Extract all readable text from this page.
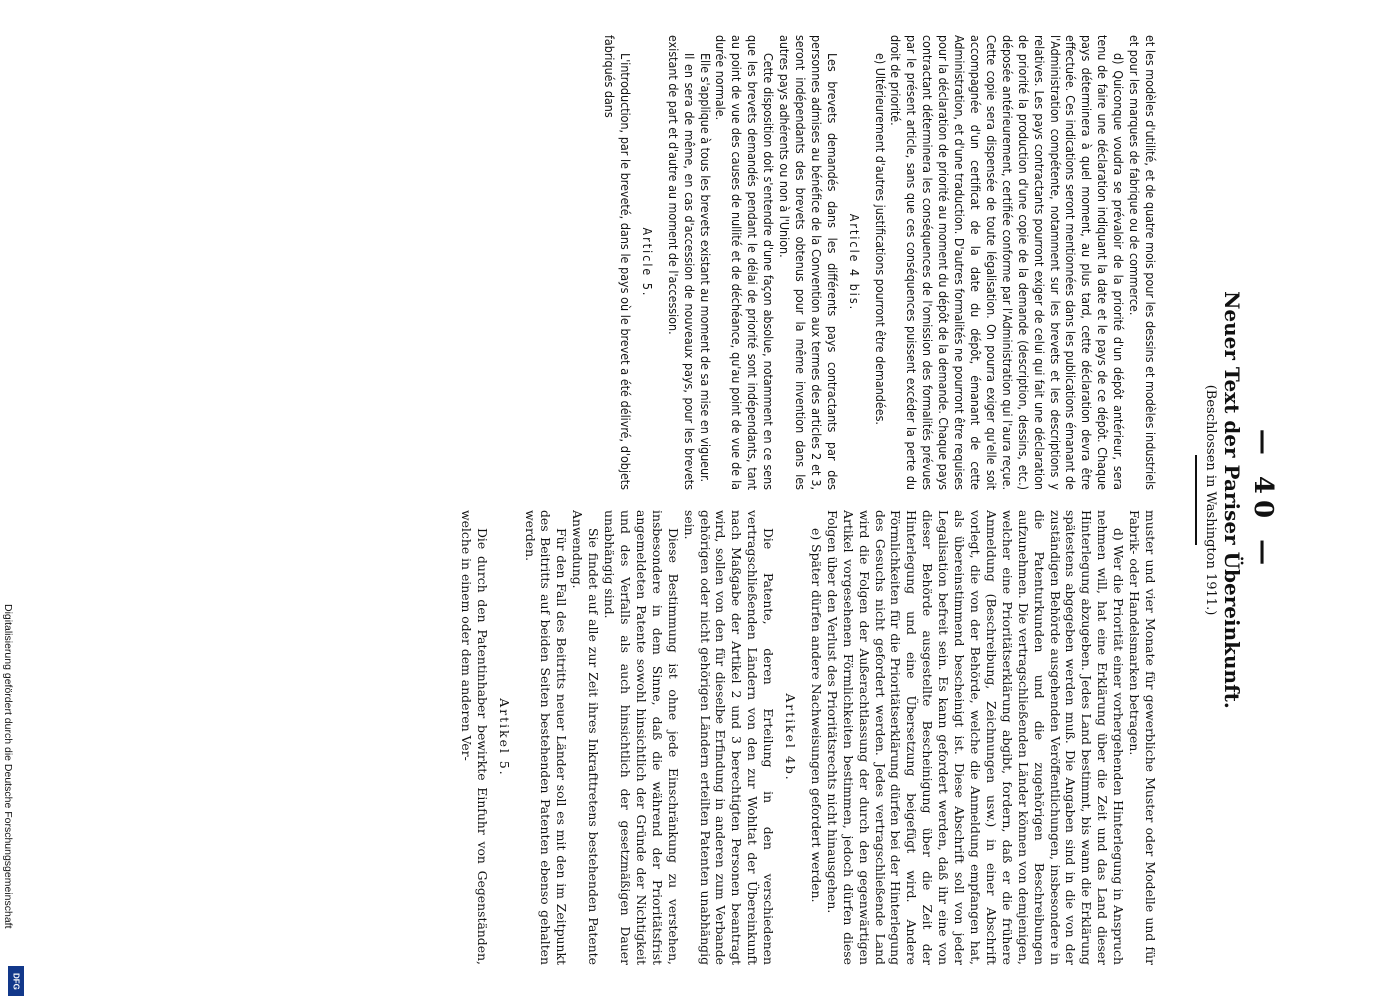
— 40 —
Neuer Text der Pariser Übereinkunft.
(Beschlossen in Washington 1911.)

et les modèles d'utilité, et de quatre mois pour les dessins et modèles industriels et pour les marques de fabrique ou de commerce.

d) Quiconque voudra se prévaloir de la priorité d'un dépôt antérieur, sera tenu de faire une déclaration indiquant la date et le pays de ce dépôt. Chaque pays déterminera à quel moment, au plus tard, cette déclaration devra être effectuée. Ces indications seront mentionnées dans les publications émanant de l'Administration compétente, notamment sur les brevets et les descriptions y relatives. Les pays contractants pourront exiger de celui qui fait une déclaration de priorité la production d'une copie de la demande (description, dessins, etc.) déposée antérieurement, certifiée conforme par l'Administration qui l'aura reçue. Cette copie sera dispensée de toute légalisation. On pourra exiger qu'elle soit accompagnée d'un certificat de la date du dépôt, émanant de cette Administration, et d'une traduction. D'autres formalités ne pourront être requises pour la déclaration de priorité au moment du dépôt de la demande. Chaque pays contractant déterminera les conséquences de l'omission des formalités prévues par le présent article, sans que ces conséquences puissent excéder la perte du droit de priorité.

e) Ultérieurement d'autres justifications pourront être demandées.

Article 4 bis.

Les brevets demandés dans les différents pays contractants par des personnes admises au bénéfice de la Convention aux termes des articles 2 et 3, seront indépendants des brevets obtenus pour la même invention dans les autres pays adhérents ou non à l'Union.

Cette disposition doit s'entendre d'une façon absolue, notamment en ce sens que les brevets demandés pendant le délai de priorité sont indépendants, tant au point de vue des causes de nullité et de déchéance, qu'au point de vue de la durée normale.

Elle s'applique à tous les brevets existant au moment de sa mise en vigueur.

Il en sera de même, en cas d'accession de nouveaux pays, pour les brevets existant de part et d'autre au moment de l'accession.

Article 5.

L'introduction, par le breveté, dans le pays où le brevet a été délivré, d'objets fabriqués dans

muster und vier Monate für gewerbliche Muster oder Modelle und für Fabrik- oder Handelsmarken betragen.

d) Wer die Priorität einer vorhergehenden Hinterlegung in Anspruch nehmen will, hat eine Erklärung über die Zeit und das Land dieser Hinterlegung abzugeben. Jedes Land bestimmt, bis wann die Erklärung spätestens abgegeben werden muß. Die Angaben sind in die von der zuständigen Behörde ausgehenden Veröffentlichungen, insbesondere in die Patenturkunden und die zugehörigen Beschreibungen aufzunehmen. Die vertragschließenden Länder können von demjenigen, welcher eine Prioritätserklärung abgibt, fordern, daß er die frühere Anmeldung (Beschreibung, Zeichnungen usw.) in einer Abschrift vorlegt, die von der Behörde, welche die Anmeldung empfangen hat, als übereinstimmend bescheinigt ist. Diese Abschrift soll von jeder Legalisation befreit sein. Es kann gefordert werden, daß ihr eine von dieser Behörde ausgestellte Bescheinigung über die Zeit der Hinterlegung und eine Übersetzung beigefügt wird. Andere Förmlichkeiten für die Prioritätserklärung dürfen bei der Hinterlegung des Gesuchs nicht gefordert werden. Jedes vertragschließende Land wird die Folgen der Außerachtlassung der durch den gegenwärtigen Artikel vorgesehenen Förmlichkeiten bestimmen, jedoch dürfen diese Folgen über den Verlust des Prioritätsrechts nicht hinausgehen.

e) Später dürfen andere Nachweisungen gefordert werden.

Artikel 4b.

Die Patente, deren Erteilung in den verschiedenen vertragschließenden Ländern von den zur Wohltat der Übereinkunft nach Maßgabe der Artikel 2 und 3 berechtigten Personen beantragt wird, sollen von den für dieselbe Erfindung in anderen zum Verbande gehörigen oder nicht gehörigen Ländern erteilten Patenten unabhängig sein.

Diese Bestimmung ist ohne jede Einschränkung zu verstehen, insbesondere in dem Sinne, daß die während der Prioritätsfrist angemeldeten Patente sowohl hinsichtlich der Gründe der Nichtigkeit und des Verfalls als auch hinsichtlich der gesetzmäßigen Dauer unabhängig sind.

Sie findet auf alle zur Zeit ihres Inkrafttretens bestehenden Patente Anwendung.

Für den Fall des Beitritts neuer Länder soll es mit den im Zeitpunkt des Beitritts auf beiden Seiten bestehenden Patenten ebenso gehalten werden.

Artikel 5.

Die durch den Patentinhaber bewirkte Einfuhr von Gegenständen, welche in einem oder dem anderen Ver-

Digitalisierung gefördert durch die Deutsche Forschungsgemeinschaft
DFG
